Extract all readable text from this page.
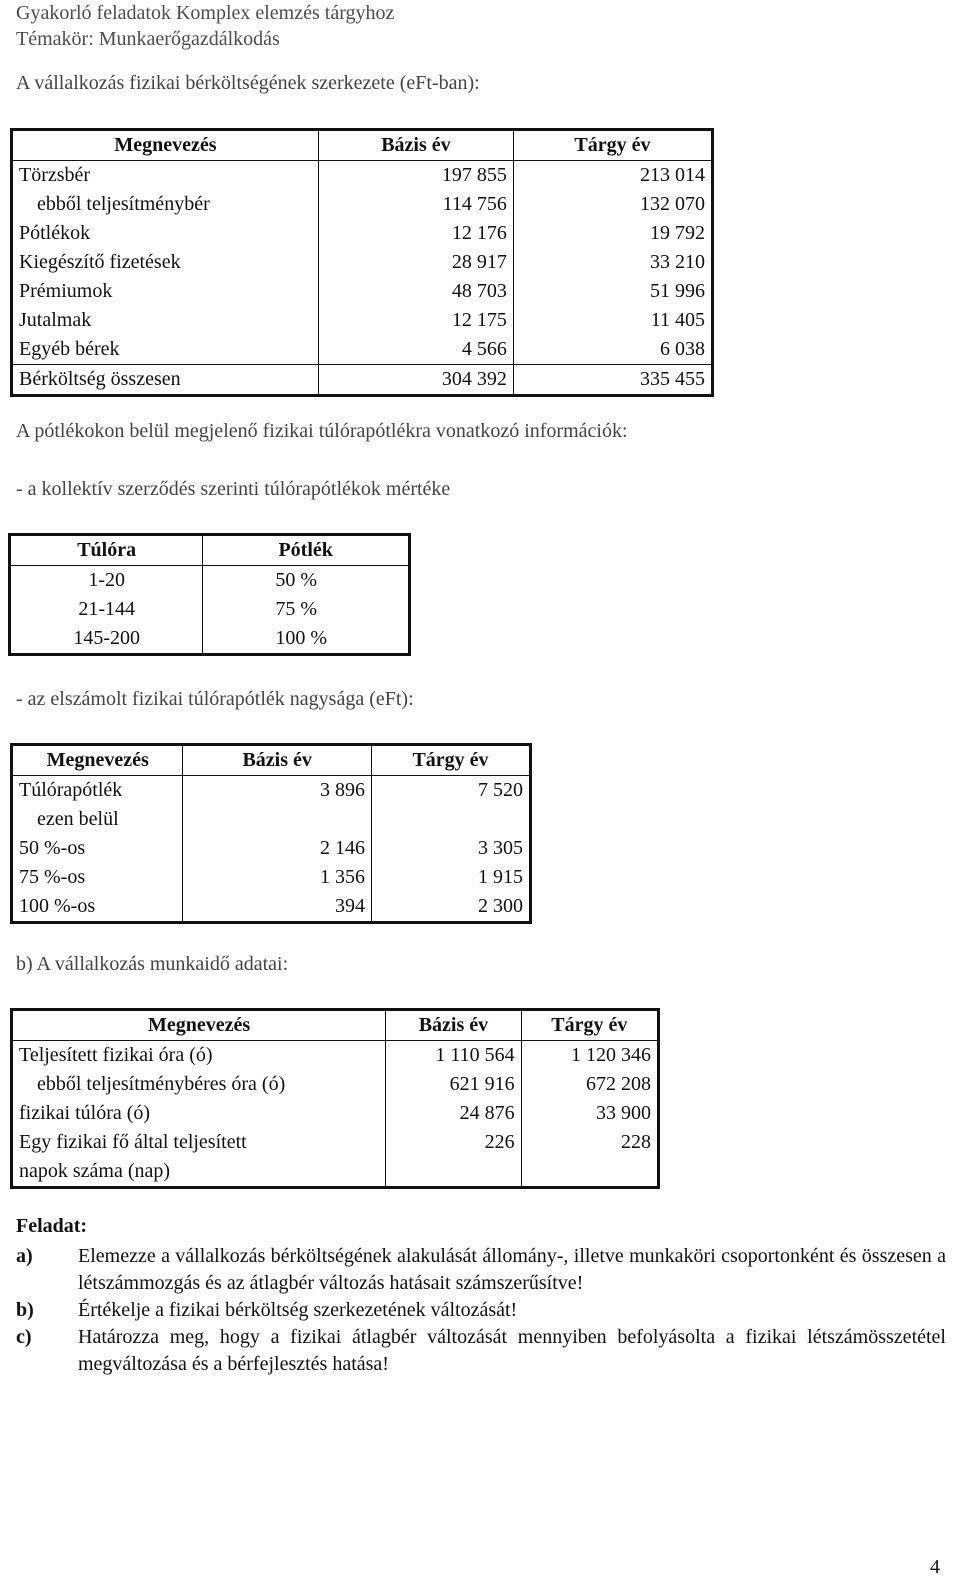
Gyakorló feladatok Komplex elemzés tárgyhoz
Témakör: Munkaerőgazdálkodás
A vállalkozás fizikai bérköltségének szerkezete (eFt-ban):
Megnevezés	Bázis év	Tárgy év
Törzsbér	197 855	213 014
ebből teljesítménybér	114 756	132 070
Pótlékok	12 176	19 792
Kiegészítő fizetések	28 917	33 210
Prémiumok	48 703	51 996
Jutalmak	12 175	11 405
Egyéb bérek	4 566	6 038
Bérköltség összesen	304 392	335 455
A pótlékokon belül megjelenő fizikai túlórapótlékra vonatkozó információk:
- a kollektív szerződés szerinti túlórapótlékok mértéke
Túlóra	Pótlék
1-20	50 %
21-144	75 %
145-200	100 %
- az elszámolt fizikai túlórapótlék nagysága (eFt):
Megnevezés	Bázis év	Tárgy év
Túlórapótlék	3 896	7 520
ezen belül		
50 %-os	2 146	3 305
75 %-os	1 356	1 915
100 %-os	394	2 300
b) A vállalkozás munkaidő adatai:
Megnevezés	Bázis év	Tárgy év
Teljesített fizikai óra (ó)	1 110 564	1 120 346
ebből teljesítménybéres óra (ó)	621 916	672 208
fizikai túlóra (ó)	24 876	33 900

Egy fizikai fő által teljesített
napok száma (nap)	226	228
Feladat:
a) Elemezze a vállalkozás bérköltségének alakulását állomány-, illetve munkaköri csoportonként és összesen a létszámmozgás és az átlagbér változás hatásait számszerűsítve!
b) Értékelje a fizikai bérköltség szerkezetének változását!
c) Határozza meg, hogy a fizikai átlagbér változását mennyiben befolyásolta a fizikai létszámösszetétel megváltozása és a bérfejlesztés hatása!
4
